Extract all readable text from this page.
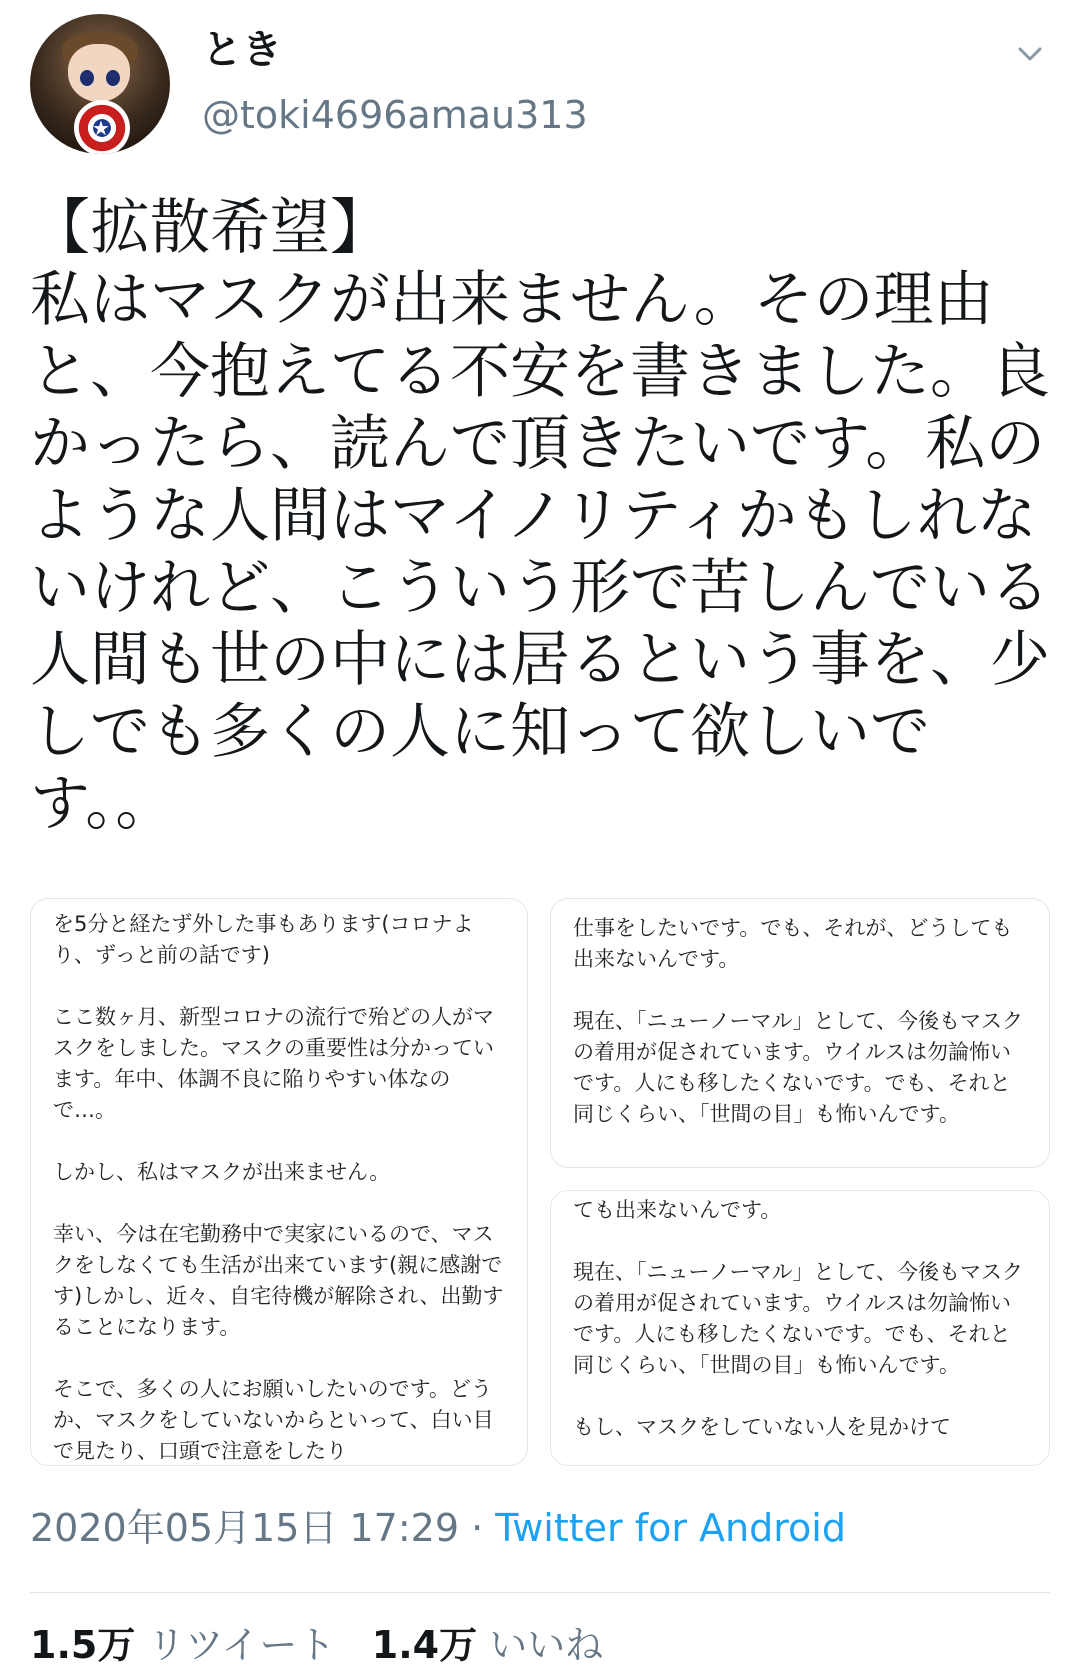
★
とき
@toki4696amau313

【拡散希望】
私はマスクが出来ません。その理由と、今抱えてる不安を書きました。良かったら、読んで頂きたいです。私のような人間はマイノリティかもしれないけれど、こういう形で苦しんでいる人間も世の中には居るという事を、少しでも多くの人に知って欲しいです。。

を5分と経たず外した事もあります(コロナより、ずっと前の話です)

ここ数ヶ月、新型コロナの流行で殆どの人がマスクをしました。マスクの重要性は分かっています。年中、体調不良に陥りやすい体なので…。

しかし、私はマスクが出来ません。

幸い、今は在宅勤務中で実家にいるので、マスクをしなくても生活が出来ています(親に感謝です)しかし、近々、自宅待機が解除され、出勤することになります。

そこで、多くの人にお願いしたいのです。どうか、マスクをしていないからといって、白い目で見たり、口頭で注意をしたり

仕事をしたいです。でも、それが、どうしても出来ないんです。

現在、「ニューノーマル」として、今後もマスクの着用が促されています。ウイルスは勿論怖いです。人にも移したくないです。でも、それと同じくらい、「世間の目」も怖いんです。

ても出来ないんです。

現在、「ニューノーマル」として、今後もマスクの着用が促されています。ウイルスは勿論怖いです。人にも移したくないです。でも、それと同じくらい、「世間の目」も怖いんです。

もし、マスクをしていない人を見かけて

2020年05月15日 17:29 · Twitter for Android
1.5万 リツイート 1.4万 いいね
